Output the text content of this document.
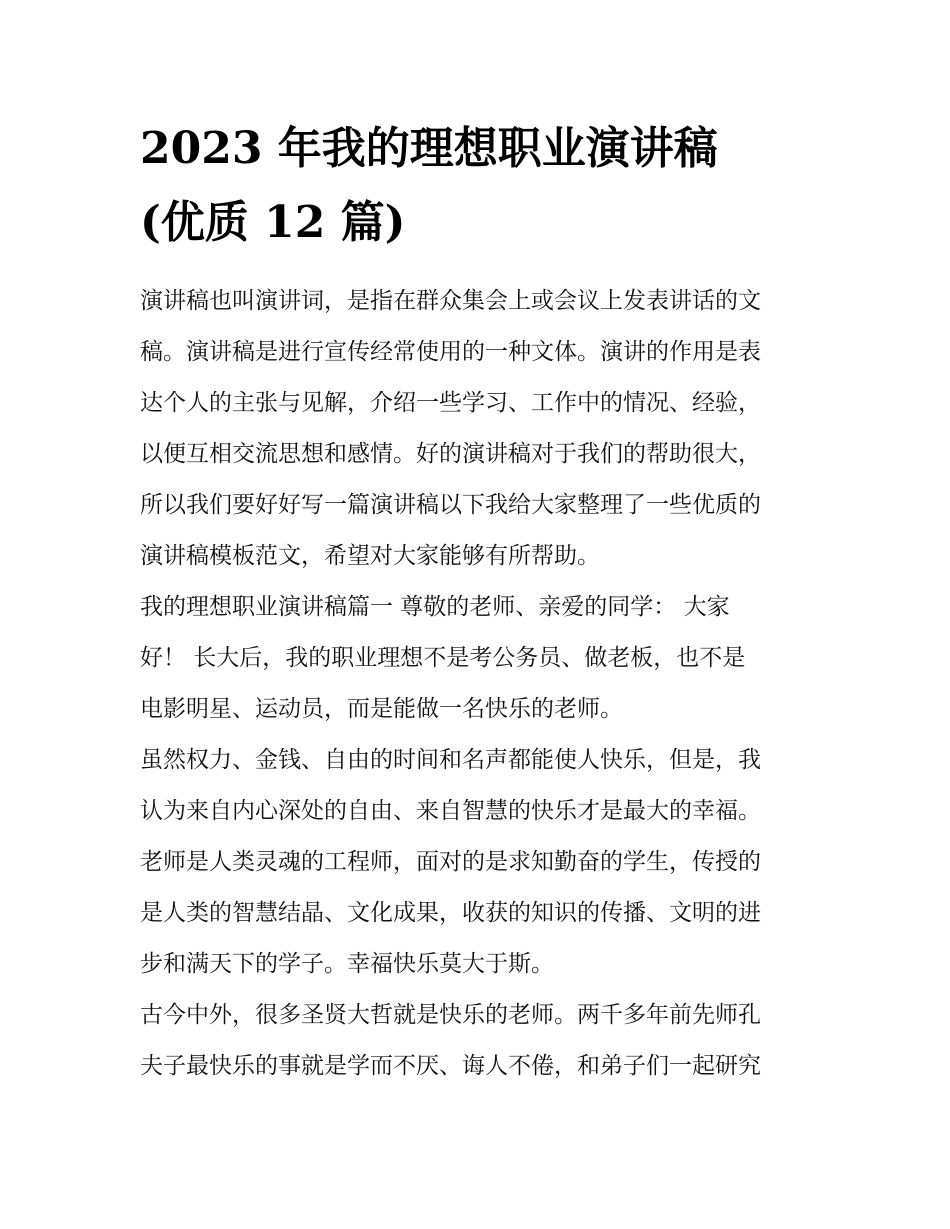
2023 年我的理想职业演讲稿
(优质 12 篇)

演讲稿也叫演讲词，是指在群众集会上或会议上发表讲话的文
稿。演讲稿是进行宣传经常使用的一种文体。演讲的作用是表
达个人的主张与见解，介绍一些学习、工作中的情况、经验，
以便互相交流思想和感情。好的演讲稿对于我们的帮助很大，
所以我们要好好写一篇演讲稿以下我给大家整理了一些优质的
演讲稿模板范文，希望对大家能够有所帮助。

我的理想职业演讲稿篇一 尊敬的老师、亲爱的同学： 大家
好！ 长大后，我的职业理想不是考公务员、做老板，也不是
电影明星、运动员，而是能做一名快乐的老师。

虽然权力、金钱、自由的时间和名声都能使人快乐，但是，我
认为来自内心深处的自由、来自智慧的快乐才是最大的幸福。
老师是人类灵魂的工程师，面对的是求知勤奋的学生，传授的
是人类的智慧结晶、文化成果，收获的知识的传播、文明的进
步和满天下的学子。幸福快乐莫大于斯。

古今中外，很多圣贤大哲就是快乐的老师。两千多年前先师孔
夫子最快乐的事就是学而不厌、诲人不倦，和弟子们一起研究
